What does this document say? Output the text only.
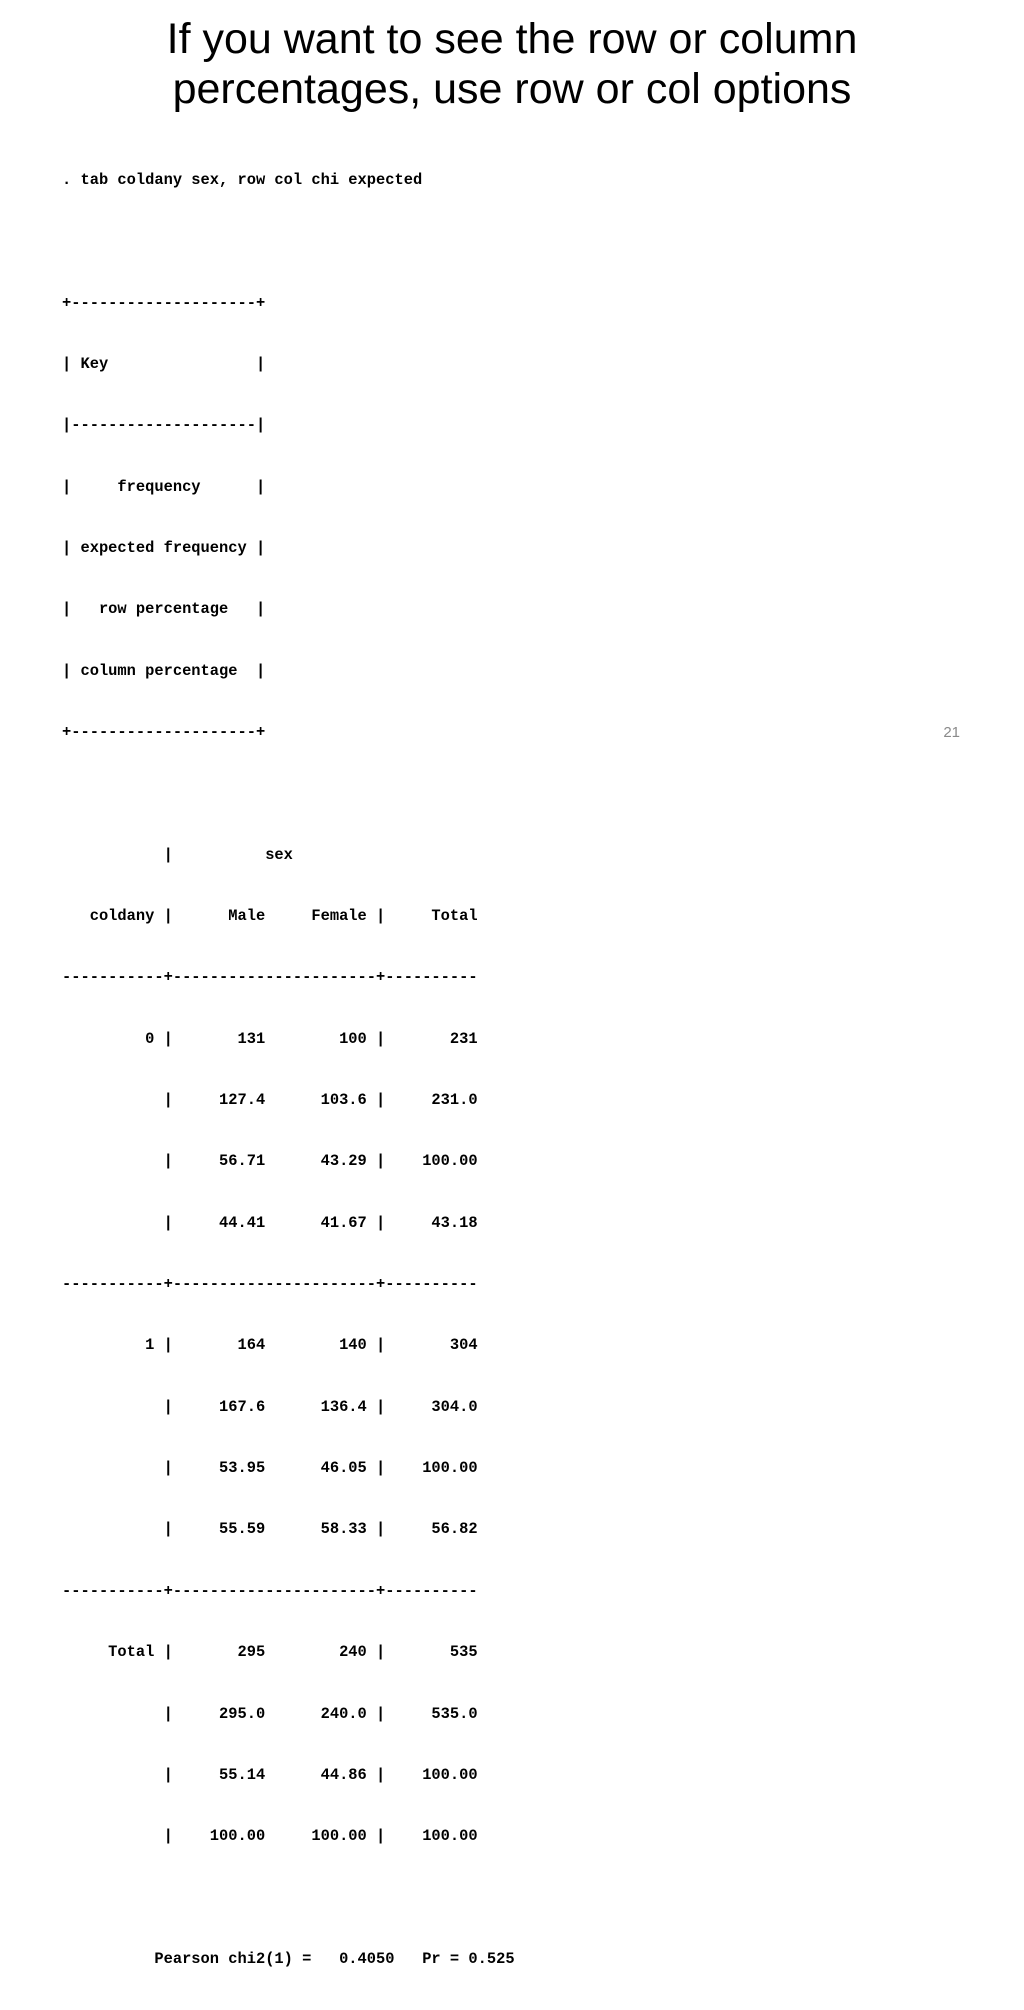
If you want to see the row or column
percentages, use row or col options

. tab coldany sex, row col chi expected

+--------------------+

| Key                |

|--------------------|

|     frequency      |

| expected frequency |

|   row percentage   |

| column percentage  |

+--------------------+

|          sex

coldany |      Male     Female |     Total

-----------+----------------------+----------

0 |       131        100 |       231

|     127.4      103.6 |     231.0

|     56.71      43.29 |    100.00

|     44.41      41.67 |     43.18

-----------+----------------------+----------

1 |       164        140 |       304

|     167.6      136.4 |     304.0

|     53.95      46.05 |    100.00

|     55.59      58.33 |     56.82

-----------+----------------------+----------

Total |       295        240 |       535

|     295.0      240.0 |     535.0

|     55.14      44.86 |    100.00

|    100.00     100.00 |    100.00

Pearson chi2(1) =   0.4050   Pr = 0.525

21
